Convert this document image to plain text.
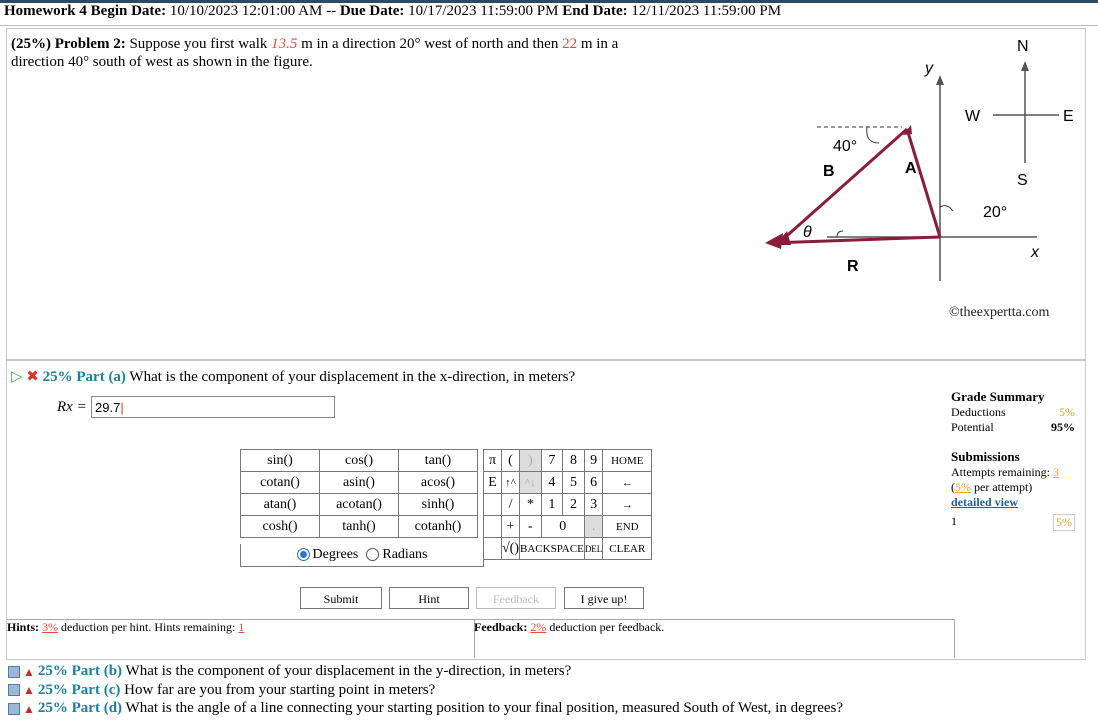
Homework 4 Begin Date: 10/10/2023 12:01:00 AM -- Due Date: 10/17/2023 11:59:00 PM End Date: 12/11/2023 11:59:00 PM
(25%) Problem 2: Suppose you first walk 13.5 m in a direction 20° west of north and then 22 m in a
direction 40° south of west as shown in the figure.	y
x
40°
B	A
θ
R
20°
N
S
W	E
©theexpertta.com
▷ ✖ 25% Part (a) What is the component of your displacement in the x-direction, in meters?
Rx = 29.7|
Grade Summary
Deductions	5%
Potential	95%
Submissions
Attempts remaining: 3
(5% per attempt)
detailed view
1	5%
sin()	cos()	tan()
cotan()	asin()	acos()
atan()	acotan()	sinh()
cosh()	tanh()	cotanh()
Degrees	Radians
π	(	)	7	8	9	HOME
E	↑^	^↓	4	5	6	←
	/	*	1	2	3	→
	+	-	0		.	END
	√()	BACKSPACE			DEL	CLEAR
Submit	Hint	Feedback	I give up!
Hints: 3% deduction per hint. Hints remaining: 1	Feedback: 2% deduction per feedback.
▲ 25% Part (b) What is the component of your displacement in the y-direction, in meters?
▲ 25% Part (c) How far are you from your starting point in meters?
▲ 25% Part (d) What is the angle of a line connecting your starting position to your final position, measured South of West, in degrees?
